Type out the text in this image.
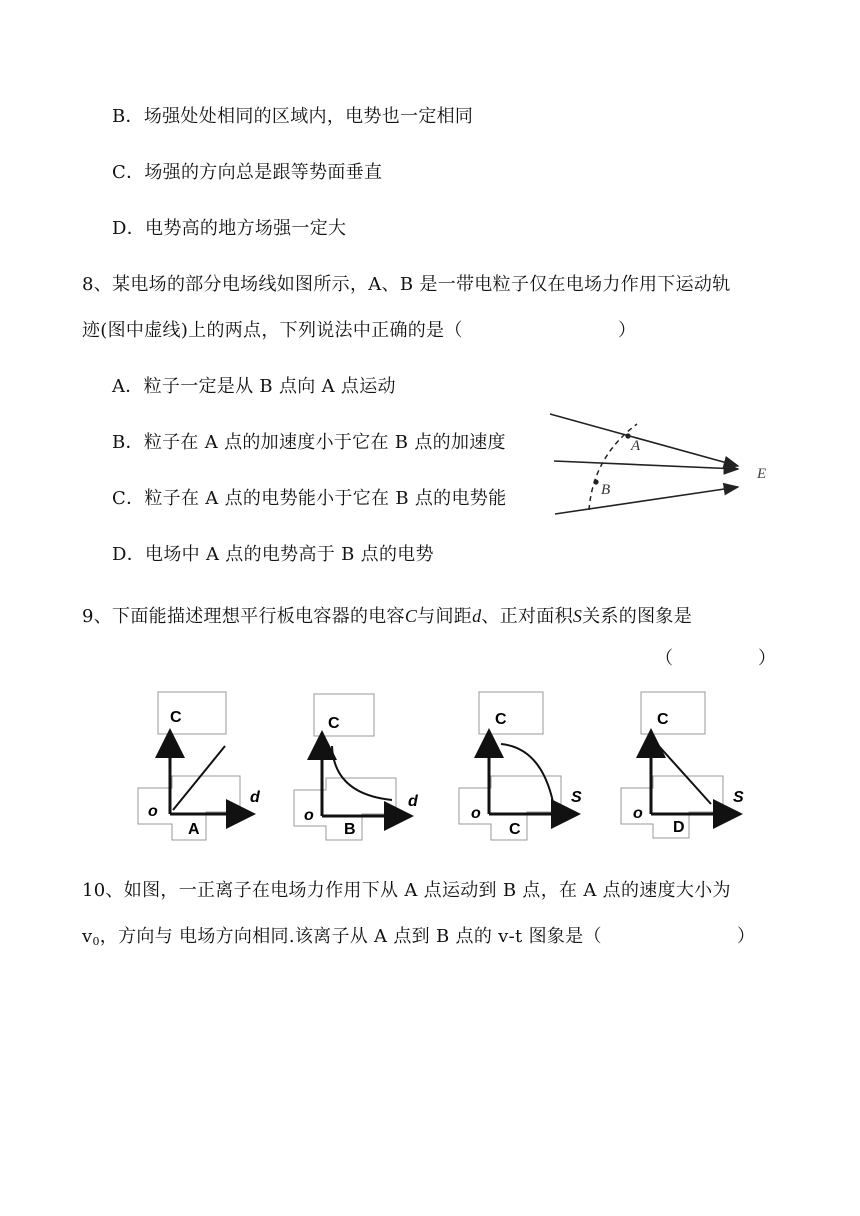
B．场强处处相同的区域内，电势也一定相同
C．场强的方向总是跟等势面垂直
D．电势高的地方场强一定大
8、某电场的部分电场线如图所示，A、B 是一带电粒子仅在电场力作用下运动轨
迹(图中虚线)上的两点，下列说法中正确的是（	）
A．粒子一定是从 B 点向 A 点运动
B．粒子在 A 点的加速度小于它在 B 点的加速度
C．粒子在 A 点的电势能小于它在 B 点的电势能
D．电场中 A 点的电势高于 B 点的电势
A
B
E
9、下面能描述理想平行板电容器的电容C与间距d、正对面积S关系的图象是
（	）
C
o
d
A
C
o
d
B
C
o
S
C
C
o
S
D
10、如图，一正离子在电场力作用下从 A 点运动到 B 点，在 A 点的速度大小为
v0，方向与 电场方向相同.该离子从 A 点到 B 点的 v-t 图象是（	）
